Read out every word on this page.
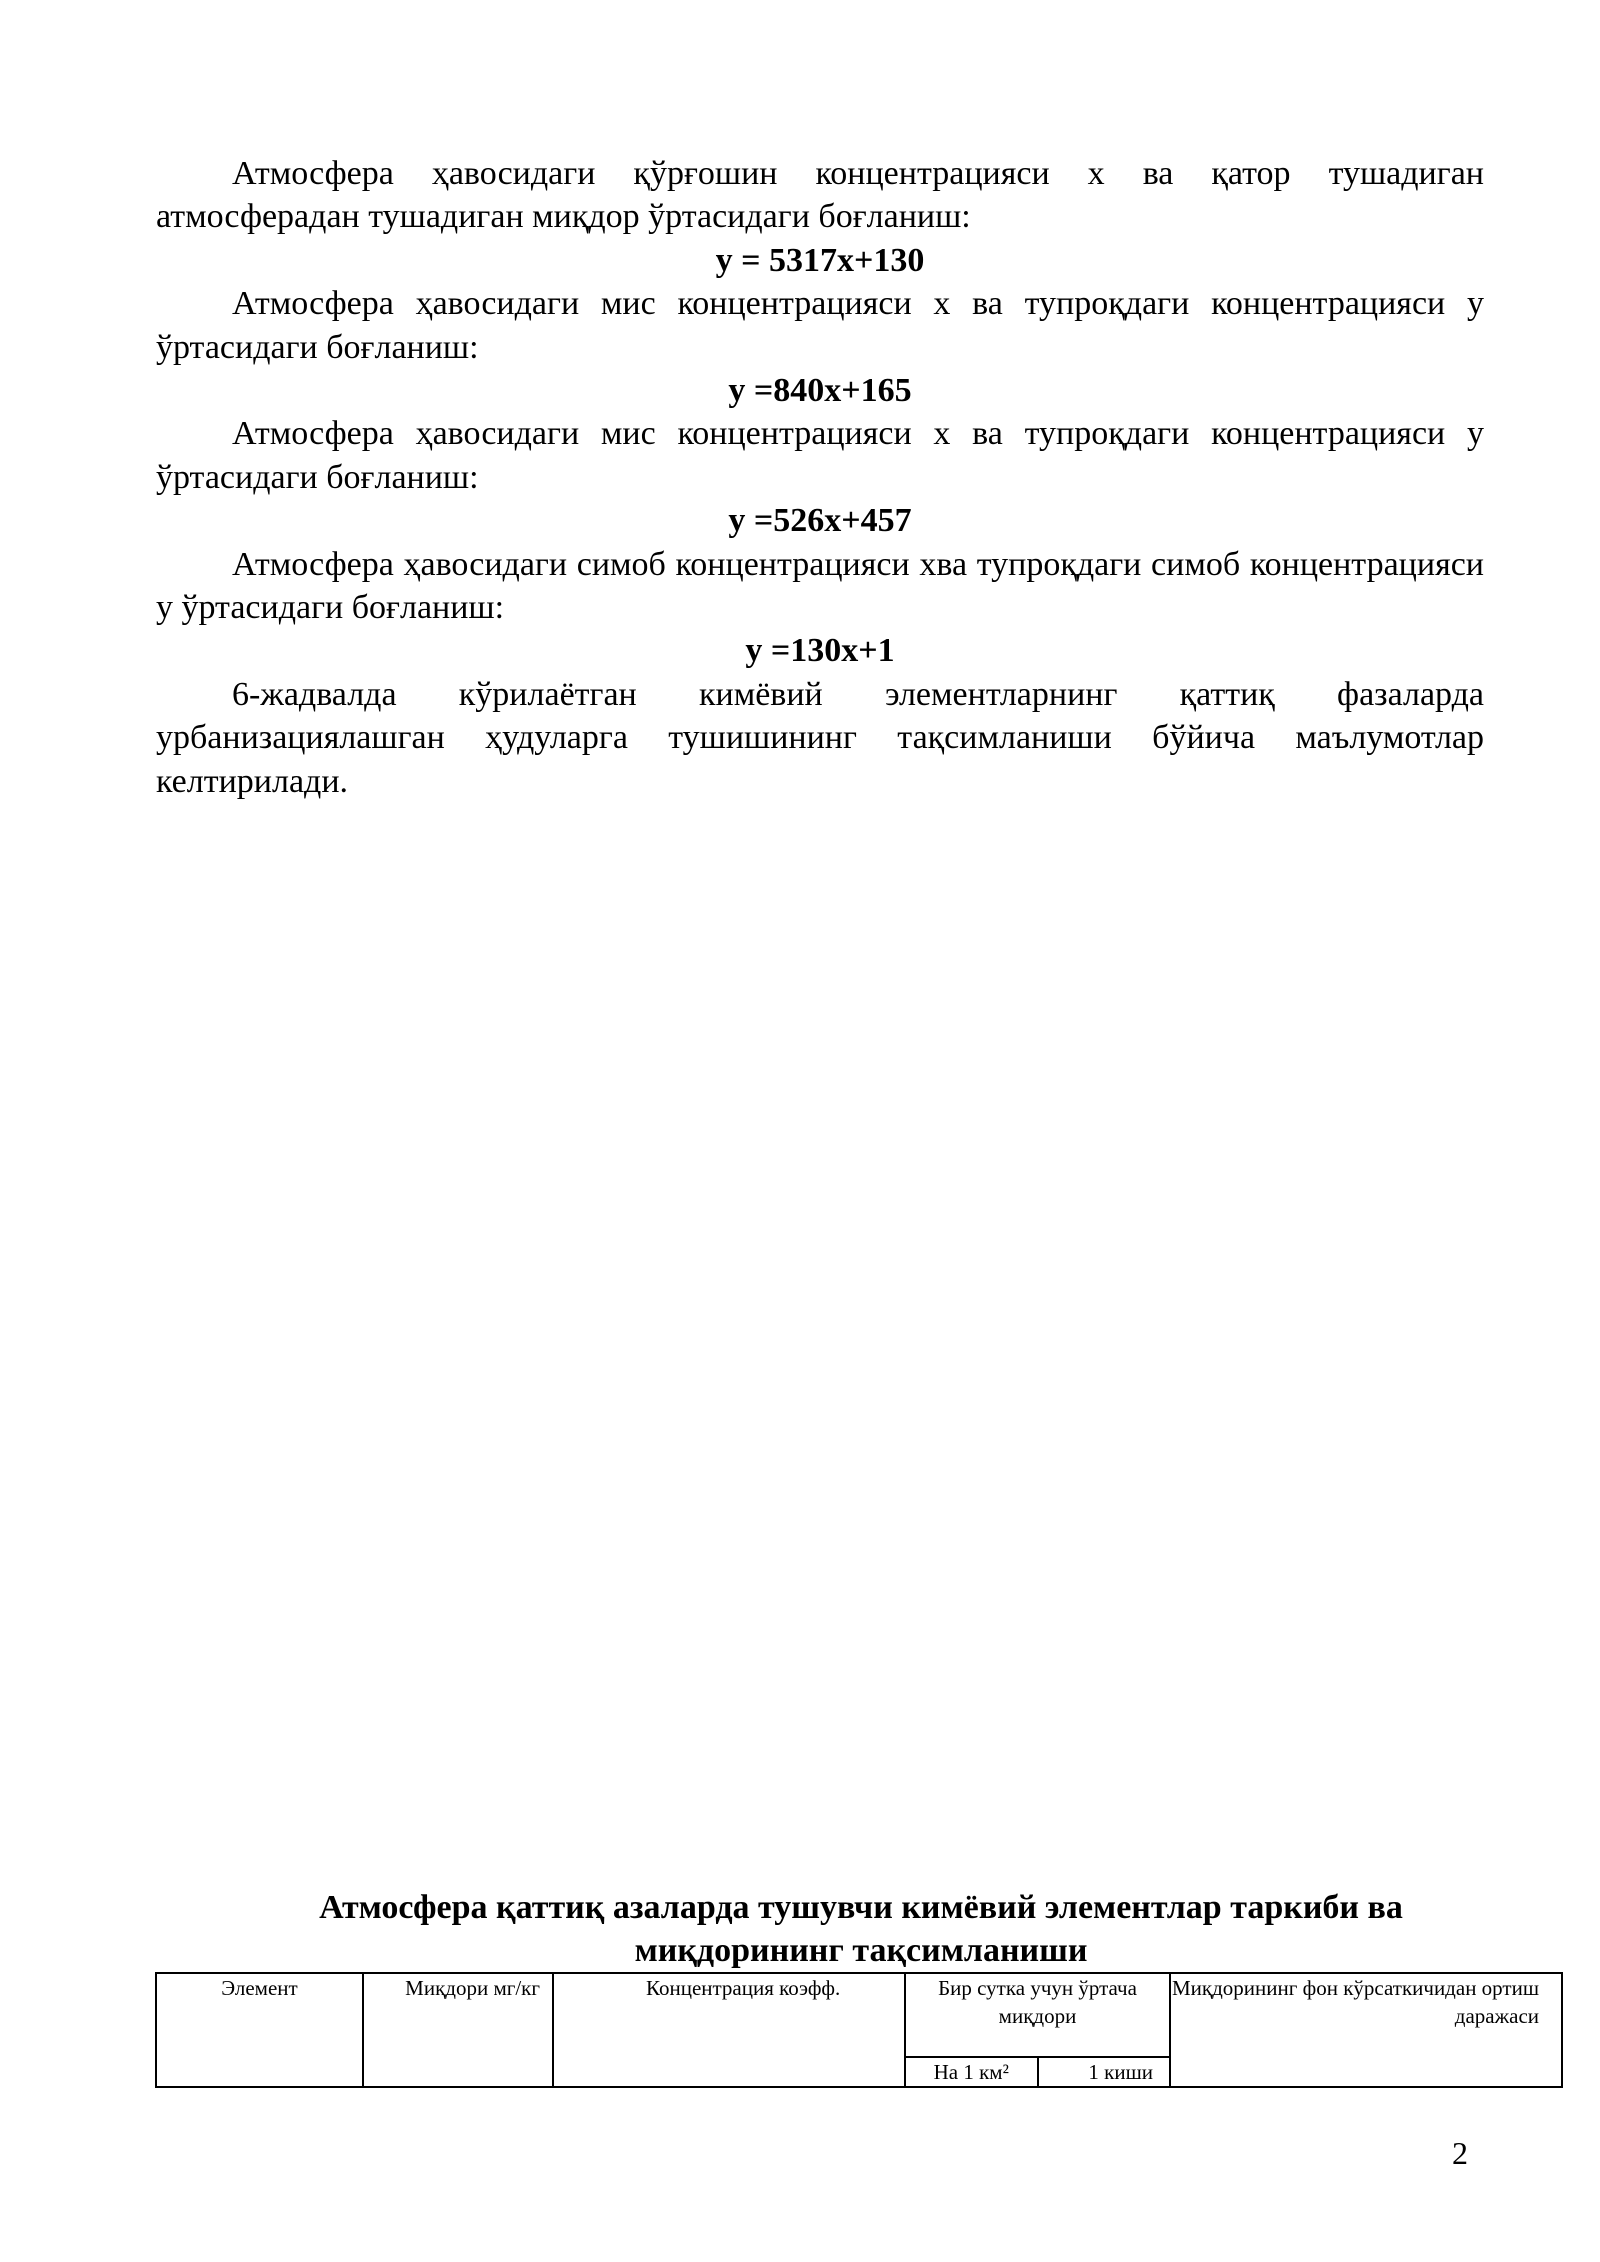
Атмосфера ҳавосидаги қўрғошин концентрацияси x ва қатор тушадиган атмосферадан тушадиган миқдор ўртасидаги боғланиш:

y = 5317x+130

Атмосфера ҳавосидаги мис концентрацияси x ва тупроқдаги концентрацияси y ўртасидаги боғланиш:

y =840x+165

Атмосфера ҳавосидаги мис концентрацияси x ва тупроқдаги концентрацияси y ўртасидаги боғланиш:

y =526x+457

Атмосфера ҳавосидаги симоб концентрацияси хва тупроқдаги симоб концентрацияси y ўртасидаги боғланиш:

y =130x+1

6-жадвалда кўрилаётган кимёвий элементларнинг қаттиқ фазаларда урбанизациялашган ҳудуларга тушишининг тақсимланиши бўйича маълумотлар келтирилади.

Атмосфера қаттиқ азаларда тушувчи кимёвий элементлар таркиби ва
миқдорининг тақсимланиши
Элемент	Миқдори мг/кг	Концентрация коэфф.	Бир сутка учун ўртача миқдори		Миқдорининг фон кўрсаткичидан ортиш даражаси
			На 1 км²	1 киши	
2
